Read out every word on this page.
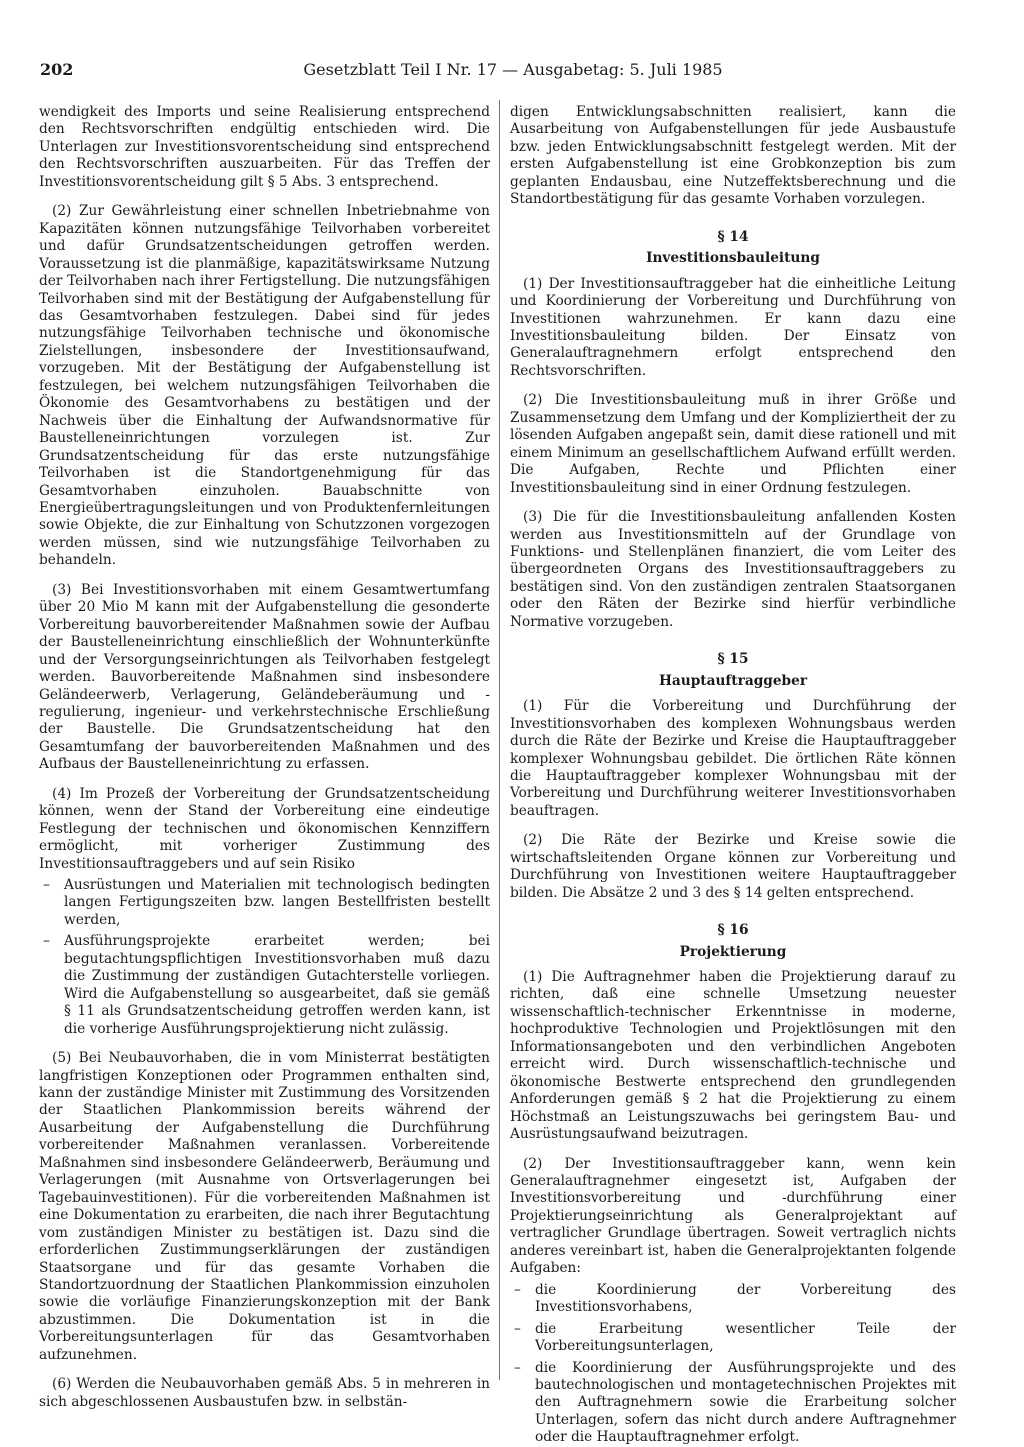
202	Gesetzblatt Teil I Nr. 17 — Ausgabetag: 5. Juli 1985

wendigkeit des Imports und seine Realisierung entsprechend den Rechtsvorschriften endgültig entschieden wird. Die Unterlagen zur Investitionsvorentscheidung sind entsprechend den Rechtsvorschriften auszuarbeiten. Für das Treffen der Investitionsvorentscheidung gilt § 5 Abs. 3 entsprechend.

(2) Zur Gewährleistung einer schnellen Inbetriebnahme von Kapazitäten können nutzungsfähige Teilvorhaben vorbereitet und dafür Grundsatzentscheidungen getroffen werden. Voraussetzung ist die planmäßige, kapazitätswirksame Nutzung der Teilvorhaben nach ihrer Fertigstellung. Die nutzungsfähigen Teilvorhaben sind mit der Bestätigung der Aufgabenstellung für das Gesamtvorhaben festzulegen. Dabei sind für jedes nutzungsfähige Teilvorhaben technische und ökonomische Zielstellungen, insbesondere der Investitionsaufwand, vorzugeben. Mit der Bestätigung der Aufgabenstellung ist festzulegen, bei welchem nutzungsfähigen Teilvorhaben die Ökonomie des Gesamtvorhabens zu bestätigen und der Nachweis über die Einhaltung der Aufwandsnormative für Baustelleneinrichtungen vorzulegen ist. Zur Grundsatzentscheidung für das erste nutzungsfähige Teilvorhaben ist die Standortgenehmigung für das Gesamtvorhaben einzuholen. Bauabschnitte von Energieübertragungsleitungen und von Produktenfernleitungen sowie Objekte, die zur Einhaltung von Schutzzonen vorgezogen werden müssen, sind wie nutzungsfähige Teilvorhaben zu behandeln.

(3) Bei Investitionsvorhaben mit einem Gesamtwertumfang über 20 Mio M kann mit der Aufgabenstellung die gesonderte Vorbereitung bauvorbereitender Maßnahmen sowie der Aufbau der Baustelleneinrichtung einschließlich der Wohnunterkünfte und der Versorgungseinrichtungen als Teilvorhaben festgelegt werden. Bauvorbereitende Maßnahmen sind insbesondere Geländeerwerb, Verlagerung, Geländeberäumung und -regulierung, ingenieur- und verkehrstechnische Erschließung der Baustelle. Die Grundsatzentscheidung hat den Gesamtumfang der bauvorbereitenden Maßnahmen und des Aufbaus der Baustelleneinrichtung zu erfassen.

(4) Im Prozeß der Vorbereitung der Grundsatzentscheidung können, wenn der Stand der Vorbereitung eine eindeutige Festlegung der technischen und ökonomischen Kennziffern ermöglicht, mit vorheriger Zustimmung des Investitionsauftraggebers und auf sein Risiko

– Ausrüstungen und Materialien mit technologisch bedingten langen Fertigungszeiten bzw. langen Bestellfristen bestellt werden,
– Ausführungsprojekte erarbeitet werden; bei begutachtungspflichtigen Investitionsvorhaben muß dazu die Zustimmung der zuständigen Gutachterstelle vorliegen. Wird die Aufgabenstellung so ausgearbeitet, daß sie gemäß § 11 als Grundsatzentscheidung getroffen werden kann, ist die vorherige Ausführungsprojektierung nicht zulässig.

(5) Bei Neubauvorhaben, die in vom Ministerrat bestätigten langfristigen Konzeptionen oder Programmen enthalten sind, kann der zuständige Minister mit Zustimmung des Vorsitzenden der Staatlichen Plankommission bereits während der Ausarbeitung der Aufgabenstellung die Durchführung vorbereitender Maßnahmen veranlassen. Vorbereitende Maßnahmen sind insbesondere Geländeerwerb, Beräumung und Verlagerungen (mit Ausnahme von Ortsverlagerungen bei Tagebauinvestitionen). Für die vorbereitenden Maßnahmen ist eine Dokumentation zu erarbeiten, die nach ihrer Begutachtung vom zuständigen Minister zu bestätigen ist. Dazu sind die erforderlichen Zustimmungserklärungen der zuständigen Staatsorgane und für das gesamte Vorhaben die Standortzuordnung der Staatlichen Plankommission einzuholen sowie die vorläufige Finanzierungskonzeption mit der Bank abzustimmen. Die Dokumentation ist in die Vorbereitungsunterlagen für das Gesamtvorhaben aufzunehmen.

(6) Werden die Neubauvorhaben gemäß Abs. 5 in mehreren in sich abgeschlossenen Ausbaustufen bzw. in selbstän-

digen Entwicklungsabschnitten realisiert, kann die Ausarbeitung von Aufgabenstellungen für jede Ausbaustufe bzw. jeden Entwicklungsabschnitt festgelegt werden. Mit der ersten Aufgabenstellung ist eine Grobkonzeption bis zum geplanten Endausbau, eine Nutzeffektsberechnung und die Standortbestätigung für das gesamte Vorhaben vorzulegen.

§ 14
Investitionsbauleitung

(1) Der Investitionsauftraggeber hat die einheitliche Leitung und Koordinierung der Vorbereitung und Durchführung von Investitionen wahrzunehmen. Er kann dazu eine Investitionsbauleitung bilden. Der Einsatz von Generalauftragnehmern erfolgt entsprechend den Rechtsvorschriften.

(2) Die Investitionsbauleitung muß in ihrer Größe und Zusammensetzung dem Umfang und der Kompliziertheit der zu lösenden Aufgaben angepaßt sein, damit diese rationell und mit einem Minimum an gesellschaftlichem Aufwand erfüllt werden. Die Aufgaben, Rechte und Pflichten einer Investitionsbauleitung sind in einer Ordnung festzulegen.

(3) Die für die Investitionsbauleitung anfallenden Kosten werden aus Investitionsmitteln auf der Grundlage von Funktions- und Stellenplänen finanziert, die vom Leiter des übergeordneten Organs des Investitionsauftraggebers zu bestätigen sind. Von den zuständigen zentralen Staatsorganen oder den Räten der Bezirke sind hierfür verbindliche Normative vorzugeben.

§ 15
Hauptauftraggeber

(1) Für die Vorbereitung und Durchführung der Investitionsvorhaben des komplexen Wohnungsbaus werden durch die Räte der Bezirke und Kreise die Hauptauftraggeber komplexer Wohnungsbau gebildet. Die örtlichen Räte können die Hauptauftraggeber komplexer Wohnungsbau mit der Vorbereitung und Durchführung weiterer Investitionsvorhaben beauftragen.

(2) Die Räte der Bezirke und Kreise sowie die wirtschaftsleitenden Organe können zur Vorbereitung und Durchführung von Investitionen weitere Hauptauftraggeber bilden. Die Absätze 2 und 3 des § 14 gelten entsprechend.

§ 16
Projektierung

(1) Die Auftragnehmer haben die Projektierung darauf zu richten, daß eine schnelle Umsetzung neuester wissenschaftlich-technischer Erkenntnisse in moderne, hochproduktive Technologien und Projektlösungen mit den Informationsangeboten und den verbindlichen Angeboten erreicht wird. Durch wissenschaftlich-technische und ökonomische Bestwerte entsprechend den grundlegenden Anforderungen gemäß § 2 hat die Projektierung zu einem Höchstmaß an Leistungszuwachs bei geringstem Bau- und Ausrüstungsaufwand beizutragen.

(2) Der Investitionsauftraggeber kann, wenn kein Generalauftragnehmer eingesetzt ist, Aufgaben der Investitionsvorbereitung und -durchführung einer Projektierungseinrichtung als Generalprojektant auf vertraglicher Grundlage übertragen. Soweit vertraglich nichts anderes vereinbart ist, haben die Generalprojektanten folgende Aufgaben:

– die Koordinierung der Vorbereitung des Investitionsvorhabens,
– die Erarbeitung wesentlicher Teile der Vorbereitungsunterlagen,
– die Koordinierung der Ausführungsprojekte und des bautechnologischen und montagetechnischen Projektes mit den Auftragnehmern sowie die Erarbeitung solcher Unterlagen, sofern das nicht durch andere Auftragnehmer oder die Hauptauftragnehmer erfolgt.
